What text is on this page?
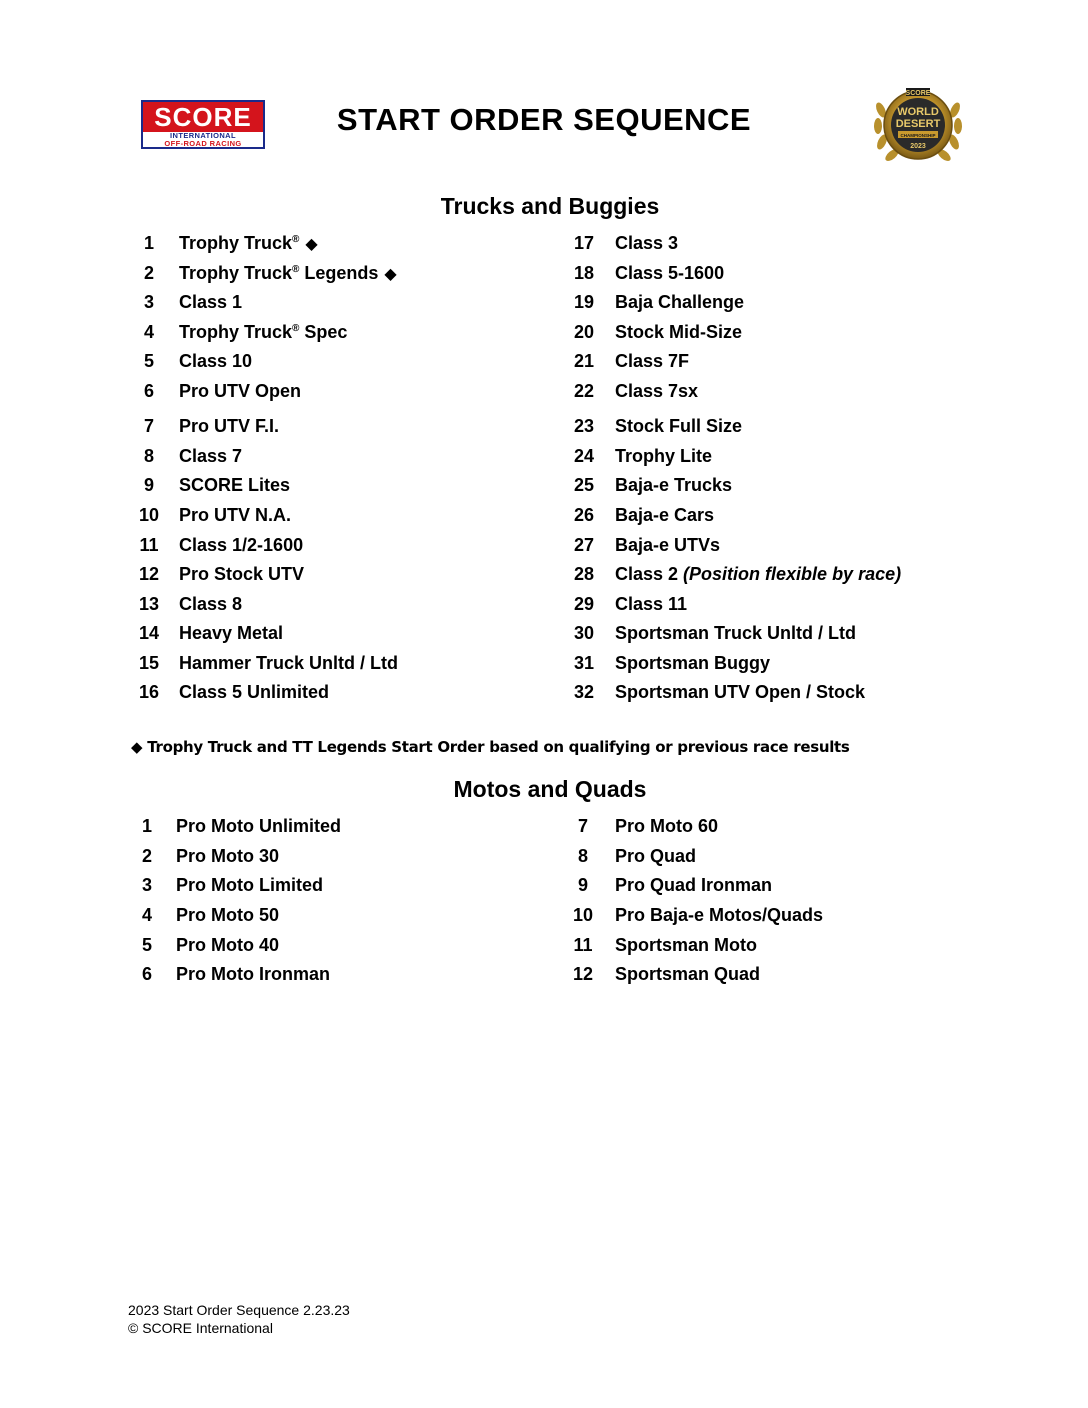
SCORE
INTERNATIONAL
OFF-ROAD RACING
START ORDER SEQUENCE
SCORE
WORLD
DESERT
CHAMPIONSHIP
2023
Trucks and Buggies
1	Trophy Truck® ◆
2	Trophy Truck® Legends ◆
3	Class 1
4	Trophy Truck® Spec
5	Class 10
6	Pro UTV Open
7	Pro UTV F.I.
8	Class 7
9	SCORE Lites
10	Pro UTV N.A.
11	Class 1/2-1600
12	Pro Stock UTV
13	Class 8
14	Heavy Metal
15	Hammer Truck Unltd / Ltd
16	Class 5 Unlimited
17	Class 3
18	Class 5-1600
19	Baja Challenge
20	Stock Mid-Size
21	Class 7F
22	Class 7sx
23	Stock Full Size
24	Trophy Lite
25	Baja-e Trucks
26	Baja-e Cars
27	Baja-e UTVs
28	Class 2 (Position flexible by race)
29	Class 11
30	Sportsman Truck Unltd / Ltd
31	Sportsman Buggy
32	Sportsman UTV Open / Stock
◆ Trophy Truck and TT Legends Start Order based on qualifying or previous race results
Motos and Quads
1	Pro Moto Unlimited
2	Pro Moto 30
3	Pro Moto Limited
4	Pro Moto 50
5	Pro Moto 40
6	Pro Moto Ironman
7	Pro Moto 60
8	Pro Quad
9	Pro Quad Ironman
10	Pro Baja-e Motos/Quads
11	Sportsman Moto
12	Sportsman Quad
2023 Start Order Sequence 2.23.23
© SCORE International
